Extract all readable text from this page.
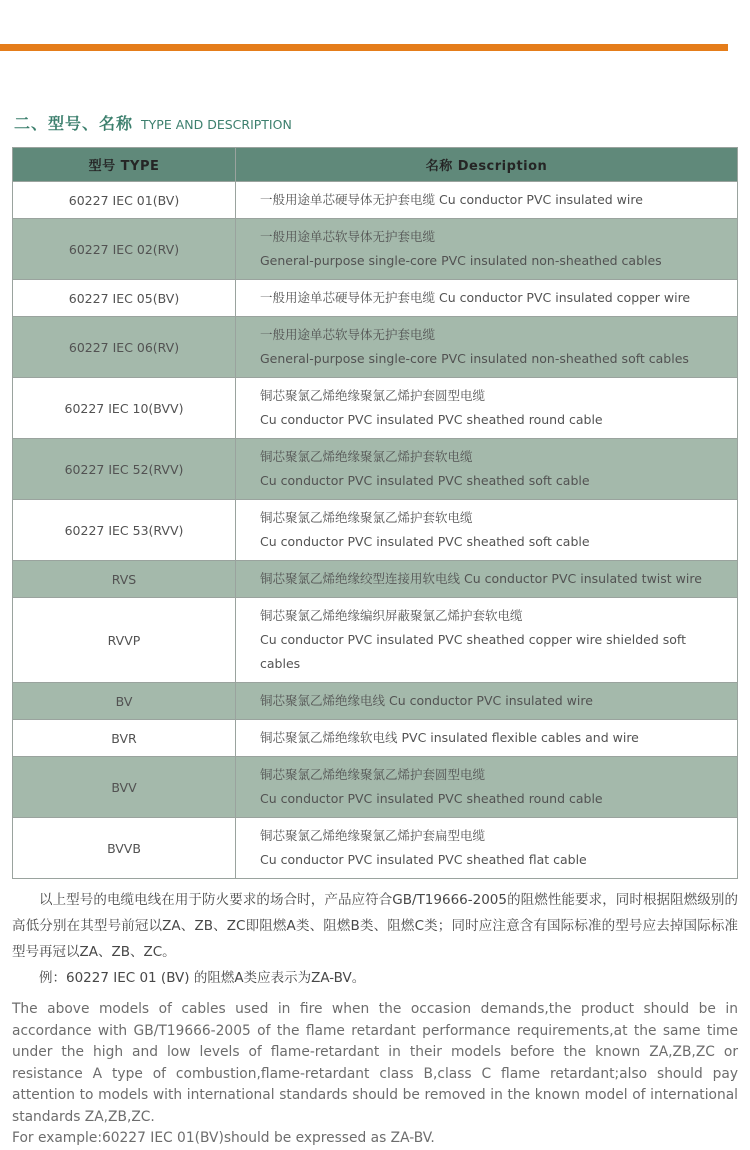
二、型号、名称 TYPE AND DESCRIPTION
型号 TYPE	名称 Description
60227 IEC 01(BV)	一般用途单芯硬导体无护套电缆 Cu conductor PVC insulated wire

60227 IEC 02(RV)	一般用途单芯软导体无护套电缆
General-purpose single-core PVC insulated non-sheathed cables

60227 IEC 05(BV)	一般用途单芯硬导体无护套电缆 Cu conductor PVC insulated copper wire

60227 IEC 06(RV)	一般用途单芯软导体无护套电缆
General-purpose single-core PVC insulated non-sheathed soft cables

60227 IEC 10(BVV)	铜芯聚氯乙烯绝缘聚氯乙烯护套圆型电缆
Cu conductor PVC insulated PVC sheathed round cable

60227 IEC 52(RVV)	铜芯聚氯乙烯绝缘聚氯乙烯护套软电缆
Cu conductor PVC insulated PVC sheathed soft cable

60227 IEC 53(RVV)	铜芯聚氯乙烯绝缘聚氯乙烯护套软电缆
Cu conductor PVC insulated PVC sheathed soft cable

RVS	铜芯聚氯乙烯绝缘绞型连接用软电线 Cu conductor PVC insulated twist wire

RVVP	铜芯聚氯乙烯绝缘编织屏蔽聚氯乙烯护套软电缆
Cu conductor PVC insulated PVC sheathed copper wire shielded soft cables

BV	铜芯聚氯乙烯绝缘电线 Cu conductor PVC insulated wire

BVR	铜芯聚氯乙烯绝缘软电线 PVC insulated flexible cables and wire

BVV	铜芯聚氯乙烯绝缘聚氯乙烯护套圆型电缆
Cu conductor PVC insulated PVC sheathed round cable

BVVB	铜芯聚氯乙烯绝缘聚氯乙烯护套扁型电缆
Cu conductor PVC insulated PVC sheathed flat cable

以上型号的电缆电线在用于防火要求的场合时，产品应符合GB/T19666-2005的阻燃性能要求，同时根据阻燃级别的高低分别在其型号前冠以ZA、ZB、ZC即阻燃A类、阻燃B类、阻燃C类；同时应注意含有国际标准的型号应去掉国际标准型号再冠以ZA、ZB、ZC。

例：60227 IEC 01 (BV) 的阻燃A类应表示为ZA-BV。

The above models of cables used in fire when the occasion demands,the product should be in accordance with GB/T19666-2005 of the flame retardant performance requirements,at the same time under the high and low levels of flame-retardant in their models before the known ZA,ZB,ZC or resistance A type of combustion,flame-retardant class B,class C flame retardant;also should pay attention to models with international standards should be removed in the known model of international standards ZA,ZB,ZC.

For example:60227 IEC 01(BV)should be expressed as ZA-BV.
